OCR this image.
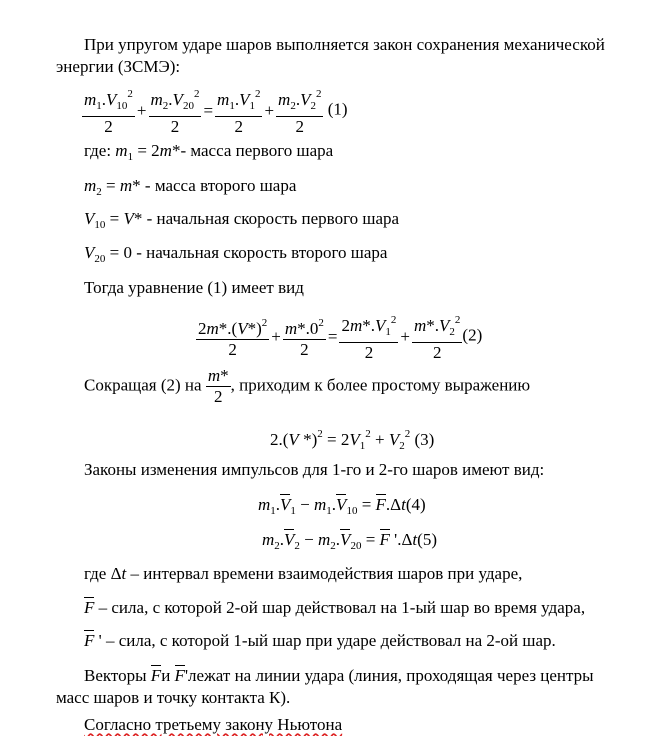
При упругом ударе шаров выполняется закон сохранения механической
энергии (ЗСМЭ):
$\frac{m_1.V_{10}^2}{2} + \frac{m_2.V_{20}^2}{2} = \frac{m_1.V_1^2}{2} + \frac{m_2.V_2^2}{2} (1)$
где: $m_1 = 2m*-$ масса первого шара
$m_2 = m*$ - масса второго шара
$V_{10} = V*$ - начальная скорость первого шара
$V_{20} = 0$ - начальная скорость второго шара
Тогда уравнение (1) имеет вид
$\frac{2m*.(V*)^2}{2} + \frac{m*.0^2}{2} = \frac{2m*.V_1^2}{2} + \frac{m*.V_2^2}{2} (2)$
Сокращая (2) на $\frac{m*}{2}$ , приходим к более простому выражению
2.(V $*)^2 = 2V_1^2 + V_2^2$ (3)
Законы изменения импульсов для 1-го и 2-го шаров имеют вид:
$m_1.V_1 - m_1.V_{10} = F.\Delta t(4)$
$m_2.V_2 - m_2.V_{20} = F$ '.Δt(5)
где Δt – интервал времени взаимодействия шаров при ударе,
F – сила, с которой 2-ой шар действовал на 1-ый шар во время удара,
F ' – сила, с которой 1-ый шар при ударе действовал на 2-ой шар.
Векторы Fи F'лежат на линии удара (линия, проходящая через центры
масс шаров и точку контакта К).
Согласно третьему закону Ньютона
